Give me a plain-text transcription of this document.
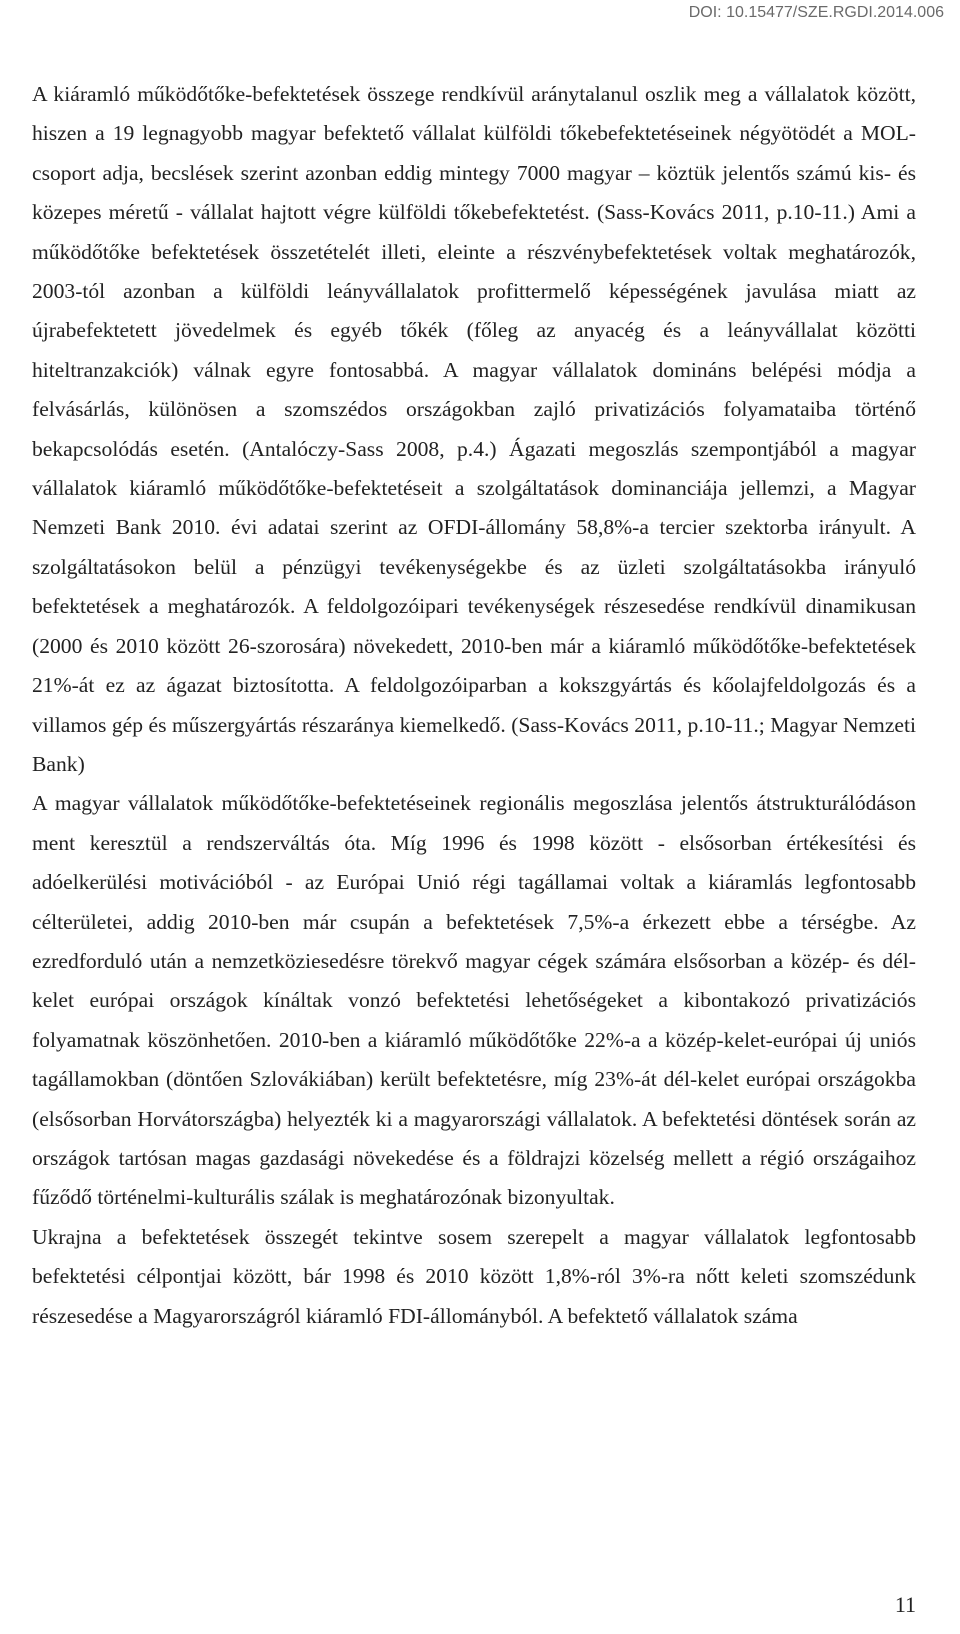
DOI: 10.15477/SZE.RGDI.2014.006

A kiáramló működőtőke-befektetések összege rendkívül aránytalanul oszlik meg a vállalatok között, hiszen a 19 legnagyobb magyar befektető vállalat külföldi tőkebefektetéseinek négyötödét a MOL-csoport adja, becslések szerint azonban eddig mintegy 7000 magyar – köztük jelentős számú kis- és közepes méretű - vállalat hajtott végre külföldi tőkebefektetést. (Sass-Kovács 2011, p.10-11.) Ami a működőtőke befektetések összetételét illeti, eleinte a részvénybefektetések voltak meghatározók, 2003-tól azonban a külföldi leányvállalatok profittermelő képességének javulása miatt az újrabefektetett jövedelmek és egyéb tőkék (főleg az anyacég és a leányvállalat közötti hiteltranzakciók) válnak egyre fontosabbá. A magyar vállalatok domináns belépési módja a felvásárlás, különösen a szomszédos országokban zajló privatizációs folyamataiba történő bekapcsolódás esetén. (Antalóczy-Sass 2008, p.4.) Ágazati megoszlás szempontjából a magyar vállalatok kiáramló működőtőke-befektetéseit a szolgáltatások dominanciája jellemzi, a Magyar Nemzeti Bank 2010. évi adatai szerint az OFDI-állomány 58,8%-a tercier szektorba irányult. A szolgáltatásokon belül a pénzügyi tevékenységekbe és az üzleti szolgáltatásokba irányuló befektetések a meghatározók. A feldolgozóipari tevékenységek részesedése rendkívül dinamikusan (2000 és 2010 között 26-szorosára) növekedett, 2010-ben már a kiáramló működőtőke-befektetések 21%-át ez az ágazat biztosította. A feldolgozóiparban a kokszgyártás és kőolajfeldolgozás és a villamos gép és műszergyártás részaránya kiemelkedő. (Sass-Kovács 2011, p.10-11.; Magyar Nemzeti Bank)

A magyar vállalatok működőtőke-befektetéseinek regionális megoszlása jelentős átstrukturálódáson ment keresztül a rendszerváltás óta. Míg 1996 és 1998 között - elsősorban értékesítési és adóelkerülési motivációból - az Európai Unió régi tagállamai voltak a kiáramlás legfontosabb célterületei, addig 2010-ben már csupán a befektetések 7,5%-a érkezett ebbe a térségbe. Az ezredforduló után a nemzetköziesedésre törekvő magyar cégek számára elsősorban a közép- és dél-kelet európai országok kínáltak vonzó befektetési lehetőségeket a kibontakozó privatizációs folyamatnak köszönhetően. 2010-ben a kiáramló működőtőke 22%-a a közép-kelet-európai új uniós tagállamokban (döntően Szlovákiában) került befektetésre, míg 23%-át dél-kelet európai országokba (elsősorban Horvátországba) helyezték ki a magyarországi vállalatok. A befektetési döntések során az országok tartósan magas gazdasági növekedése és a földrajzi közelség mellett a régió országaihoz fűződő történelmi-kulturális szálak is meghatározónak bizonyultak.

Ukrajna a befektetések összegét tekintve sosem szerepelt a magyar vállalatok legfontosabb befektetési célpontjai között, bár 1998 és 2010 között 1,8%-ról 3%-ra nőtt keleti szomszédunk részesedése a Magyarországról kiáramló FDI-állományból. A befektető vállalatok száma

11
